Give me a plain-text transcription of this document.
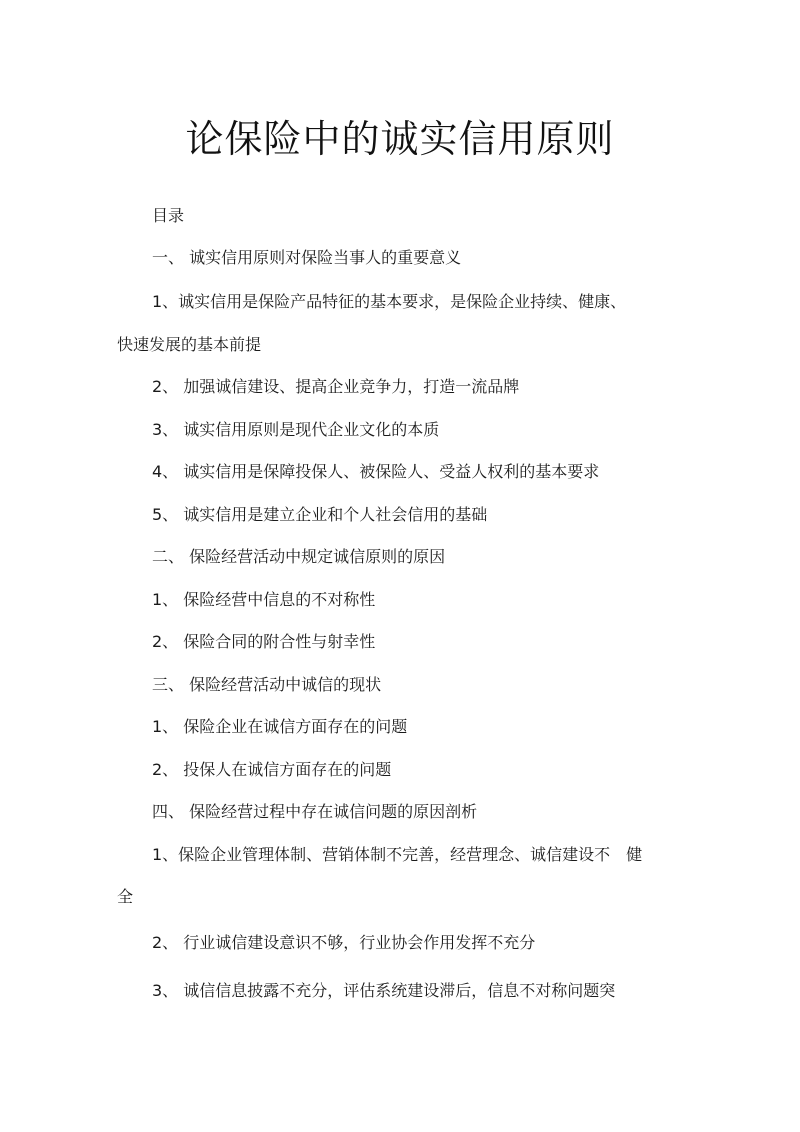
论保险中的诚实信用原则
目录
一、 诚实信用原则对保险当事人的重要意义
1、诚实信用是保险产品特征的基本要求，是保险企业持续、健康、
快速发展的基本前提
2、 加强诚信建设、提高企业竞争力，打造一流品牌
3、 诚实信用原则是现代企业文化的本质
4、 诚实信用是保障投保人、被保险人、受益人权利的基本要求
5、 诚实信用是建立企业和个人社会信用的基础
二、 保险经营活动中规定诚信原则的原因
1、 保险经营中信息的不对称性
2、 保险合同的附合性与射幸性
三、 保险经营活动中诚信的现状
1、 保险企业在诚信方面存在的问题
2、 投保人在诚信方面存在的问题
四、 保险经营过程中存在诚信问题的原因剖析
1、保险企业管理体制、营销体制不完善，经营理念、诚信建设不　健
全
2、 行业诚信建设意识不够，行业协会作用发挥不充分
3、 诚信信息披露不充分，评估系统建设滞后，信息不对称问题突
